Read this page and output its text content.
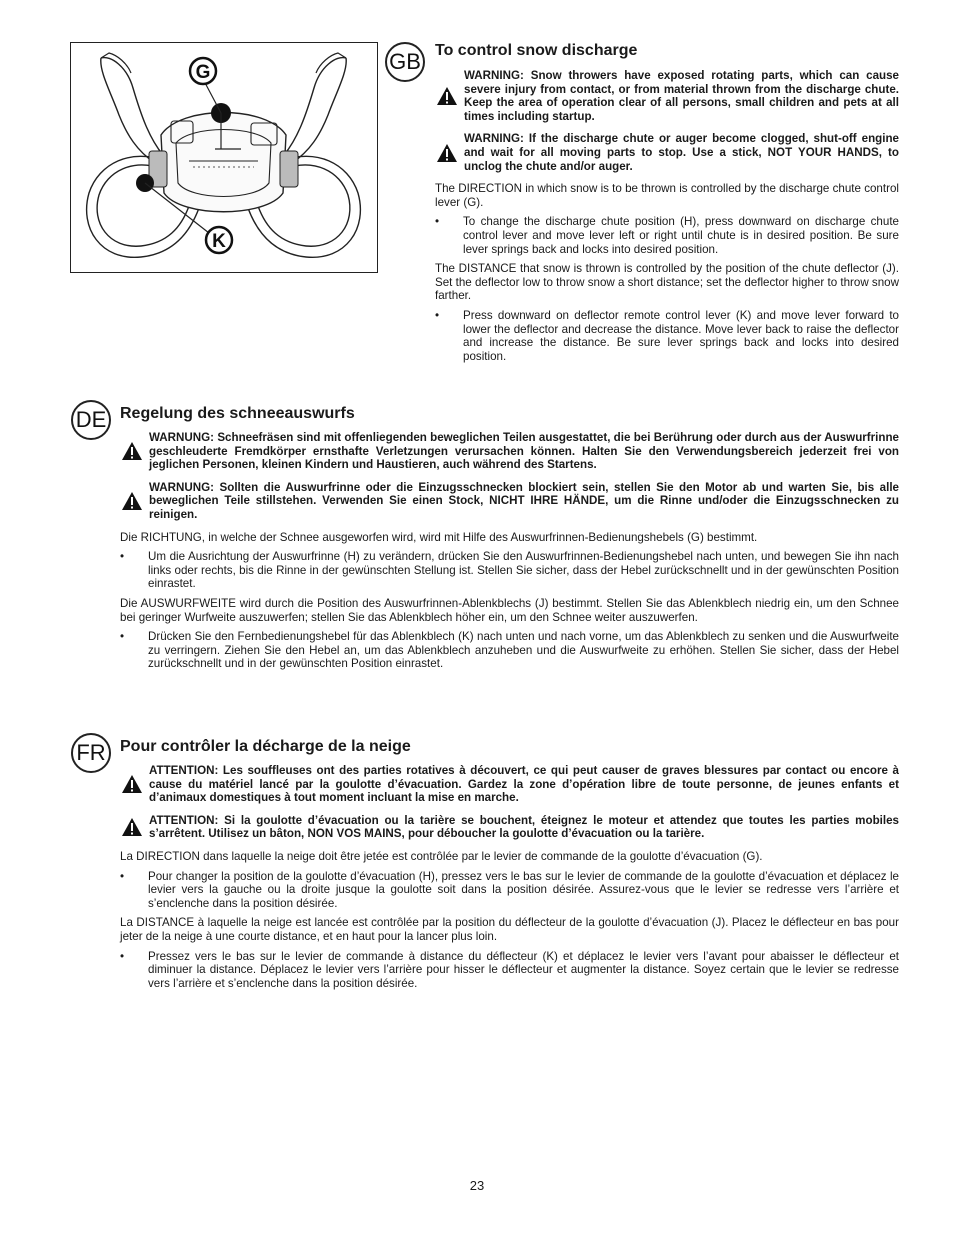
G
K
GB To control snow discharge
WARNING: Snow throwers have exposed rotating parts, which can cause severe injury from contact, or from material thrown from the discharge chute. Keep the area of operation clear of all persons, small children and pets at all times including startup.
WARNING: If the discharge chute or auger become clogged, shut-off engine and wait for all moving parts to stop. Use a stick, NOT YOUR HANDS, to unclog the chute and/or auger.

The DIRECTION in which snow is to be thrown is controlled by the discharge chute control lever (G).

•	To change the discharge chute position (H), press downward on discharge chute control lever and move lever left or right until chute is in desired position. Be sure lever springs back and locks into desired position.

The DISTANCE that snow is thrown is controlled by the position of the chute deflector (J). Set the deflector low to throw snow a short distance; set the deflector higher to throw snow farther.

•	Press downward on deflector remote control lever (K) and move lever forward to lower the deflector and decrease the distance. Move lever back to raise the deflector and increase the distance. Be sure lever springs back and locks into desired position.
DE Regelung des schneeauswurfs
WARNUNG: Schneefräsen sind mit offenliegenden beweglichen Teilen ausgestattet, die bei Berührung oder durch aus der Auswurfrinne geschleuderte Fremdkörper ernsthafte Verletzungen verursachen können. Halten Sie den Verwendungsbereich jederzeit frei von jeglichen Personen, kleinen Kindern und Haustieren, auch während des Startens.
WARNUNG: Sollten die Auswurfrinne oder die Einzugsschnecken blockiert sein, stellen Sie den Motor ab und warten Sie, bis alle beweglichen Teile stillstehen. Verwenden Sie einen Stock, NICHT IHRE HÄNDE, um die Rinne und/oder die Einzugsschnecken zu reinigen.

Die RICHTUNG, in welche der Schnee ausgeworfen wird, wird mit Hilfe des Auswurfrinnen-Bedienungshebels (G) bestimmt.

•	Um die Ausrichtung der Auswurfrinne (H) zu verändern, drücken Sie den Auswurfrinnen-Bedienungshebel nach unten, und bewegen Sie ihn nach links oder rechts, bis die Rinne in der gewünschten Stellung ist. Stellen Sie sicher, dass der Hebel zurückschnellt und in der gewünschten Position einrastet.

Die AUSWURFWEITE wird durch die Position des Auswurfrinnen-Ablenkblechs (J) bestimmt. Stellen Sie das Ablenkblech niedrig ein, um den Schnee bei geringer Wurfweite auszuwerfen; stellen Sie das Ablenkblech höher ein, um den Schnee weiter auszuwerfen.

•	Drücken Sie den Fernbedienungshebel für das Ablenkblech (K) nach unten und nach vorne, um das Ablenkblech zu senken und die Auswurfweite zu verringern. Ziehen Sie den Hebel an, um das Ablenkblech anzuheben und die Auswurfweite zu erhöhen. Stellen Sie sicher, dass der Hebel zurückschnellt und in der gewünschten Position einrastet.
FR Pour contrôler la décharge de la neige
ATTENTION: Les souffleuses ont des parties rotatives à découvert, ce qui peut causer de graves blessures par contact ou encore à cause du matériel lancé par la goulotte d’évacuation. Gardez la zone d’opération libre de toute personne, de jeunes enfants et d’animaux domestiques à tout moment incluant la mise en marche.
ATTENTION: Si la goulotte d’évacuation ou la tarière se bouchent, éteignez le moteur et attendez que toutes les parties mobiles s’arrêtent. Utilisez un bâton, NON VOS MAINS, pour déboucher la goulotte d’évacuation ou la tarière.

La DIRECTION dans laquelle la neige doit être jetée est contrôlée par le levier de commande de la goulotte d’évacuation (G).

•	Pour changer la position de la goulotte d’évacuation (H), pressez vers le bas sur le levier de commande de la goulotte d’évacuation et déplacez le levier vers la gauche ou la droite jusque la goulotte soit dans la position désirée. Assurez-vous que le levier se redresse vers l’arrière et s’enclenche dans la position désirée.

La DISTANCE à laquelle la neige est lancée est contrôlée par la position du déflecteur de la goulotte d’évacuation (J). Placez le déflecteur en bas pour jeter de la neige à une courte distance, et en haut pour la lancer plus loin.

•	Pressez vers le bas sur le levier de commande à distance du déflecteur (K) et déplacez le levier vers l’avant pour abaisser le déflecteur et diminuer la distance. Déplacez le levier vers l’arrière pour hisser le déflecteur et augmenter la distance. Soyez certain que le levier se redresse vers l’arrière et s’enclenche dans la position désirée.
23
